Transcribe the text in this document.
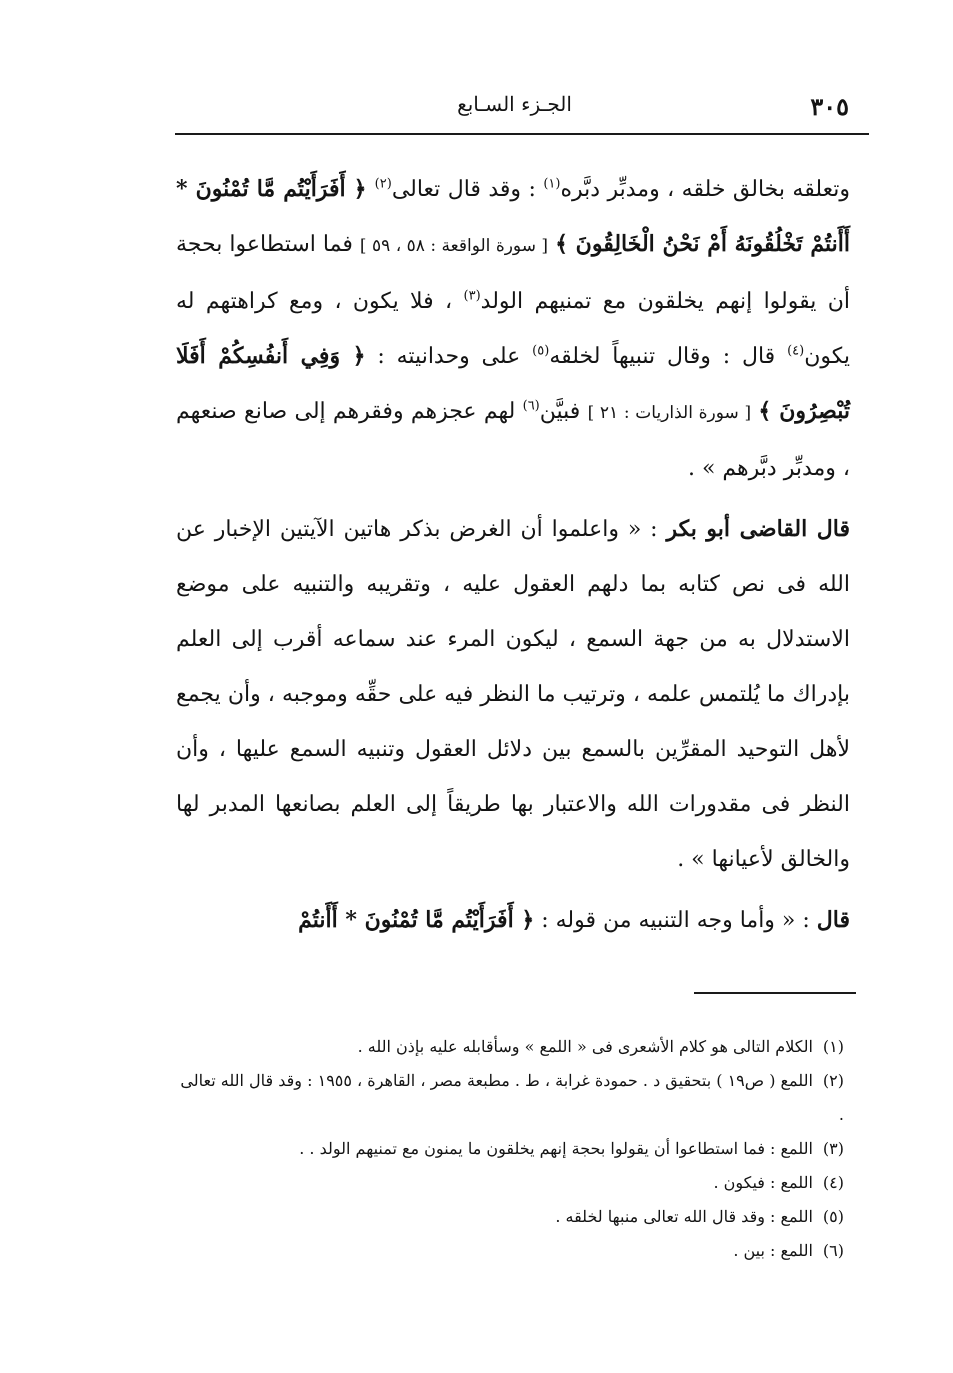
٣٠٥
الجـزء السـابع

وتعلقه بخالق خلقه ، ومدبِّر دبَّره$^{(١)}$ : وقد قال تعالى$^{(٢)}$ ﴿ أَفَرَأَيْتُم مَّا تُمْنُونَ * أَأَنتُمْ تَخْلُقُونَهُ أَمْ نَحْنُ الْخَالِقُونَ ﴾ [ سورة الواقعة : ٥٨ ، ٥٩ ] فما استطاعوا بحجة أن يقولوا إنهم يخلقون مع تمنيهم الولد$^{(٣)}$ ، فلا يكون ، ومع كراهتهم له يكون$^{(٤)}$ قال : وقال تنبيهاً لخلقه$^{(٥)}$ على وحدانيته : ﴿ وَفِي أَنفُسِكُمْ أَفَلَا تُبْصِرُونَ ﴾ [ سورة الذاريات : ٢١ ] فبيَّن$^{(٦)}$ لهم عجزهم وفقرهم إلى صانع صنعهم ، ومدبِّر دبَّرهم » .

قال القاضى أبو بكر : « واعلموا أن الغرض بذكر هاتين الآيتين الإخبار عن الله فى نص كتابه بما دلهم العقول عليه ، وتقريبه والتنبيه على موضع الاستدلال به من جهة السمع ، ليكون المرء عند سماعه أقرب إلى العلم بإدراك ما يُلتمس علمه ، وترتيب ما النظر فيه على حقِّه وموجبه ، وأن يجمع لأهل التوحيد المقرِّين بالسمع بين دلائل العقول وتنبيه السمع عليها ، وأن النظر فى مقدورات الله والاعتبار بها طريقاً إلى العلم بصانعها المدبر لها والخالق لأعيانها » .

قال : « وأما وجه التنبيه من قوله : ﴿ أَفَرَأَيْتُم مَّا تُمْنُونَ * أَأَنتُمْ

(١)الكلام التالى هو كلام الأشعرى فى « اللمع » وسأقابله عليه بإذن الله .

(٢)اللمع ( ص١٩ ) بتحقيق د . حمودة غرابة ، ط . مطبعة مصر ، القاهرة ، ١٩٥٥ : وقد قال الله تعالى .

(٣)اللمع : فما استطاعوا أن يقولوا بحجة إنهم يخلقون ما يمنون مع تمنيهم الولد . .

(٤)اللمع : فيكون .

(٥)اللمع : وقد قال الله تعالى منبها لخلقه .

(٦)اللمع : بين .
